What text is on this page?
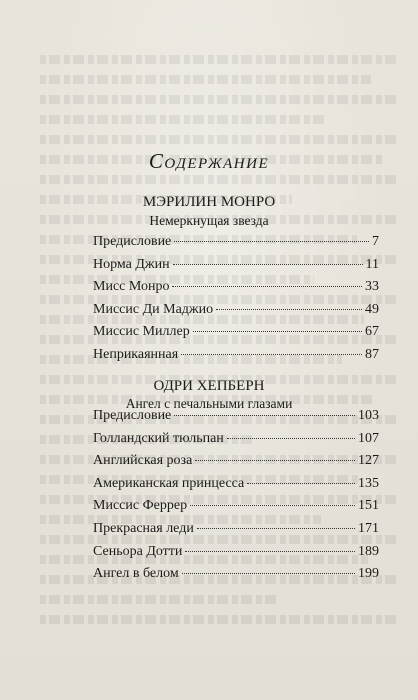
Содержание
МЭРИЛИН МОНРО
Немеркнущая звезда
Предисловие	7
Норма Джин	11
Мисс Монро	33
Миссис Ди Маджио	49
Миссис Миллер	67
Неприкаянная	87
ОДРИ ХЕПБЕРН
Ангел с печальными глазами
Предисловие	103
Голландский тюльпан	107
Английская роза	127
Американская принцесса	135
Миссис Феррер	151
Прекрасная леди	171
Сеньора Дотти	189
Ангел в белом	199
